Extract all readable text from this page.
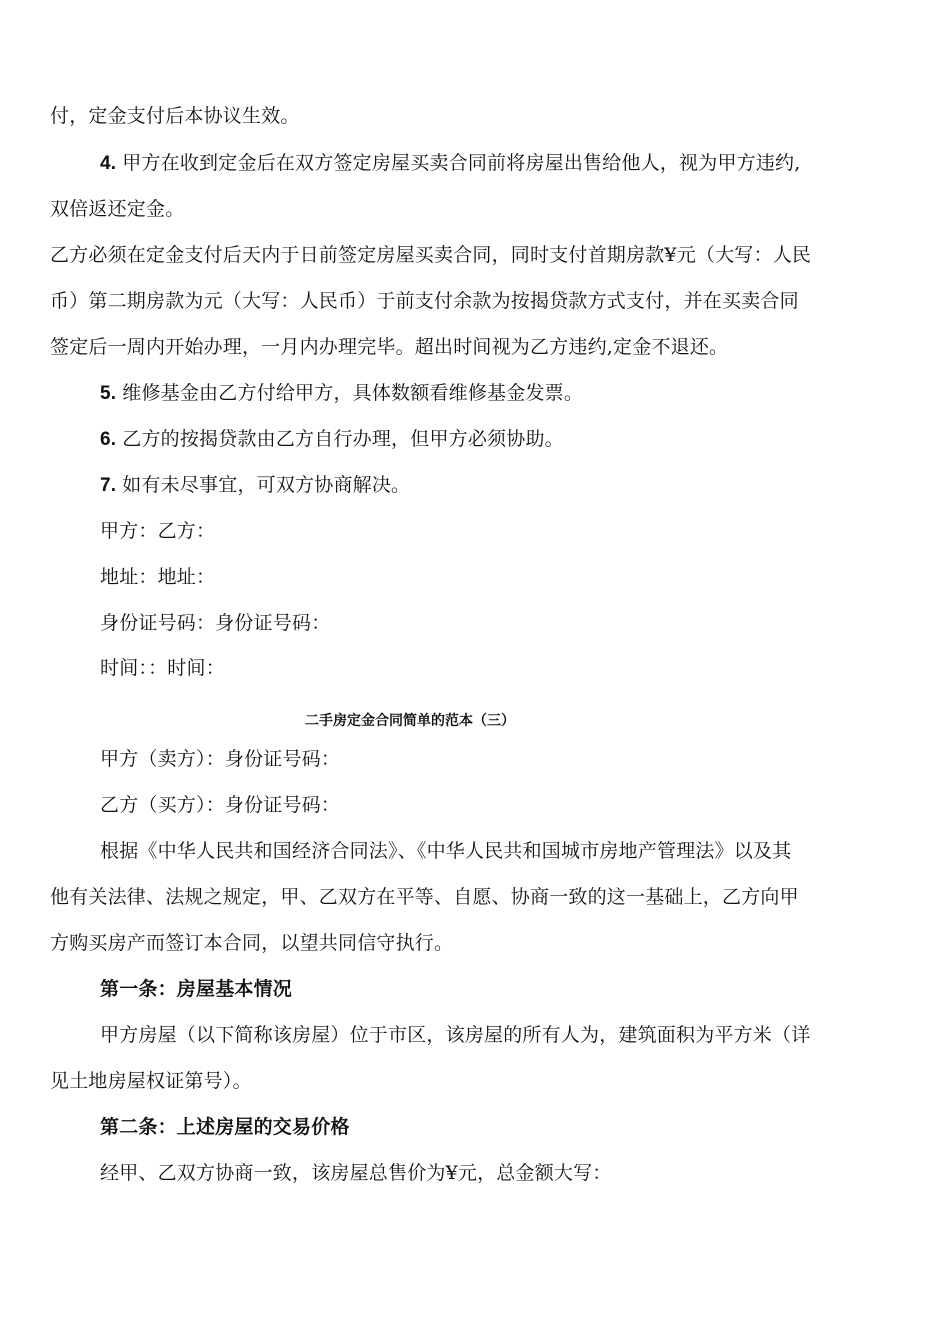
付，定金支付后本协议生效。
4. 甲方在收到定金后在双方签定房屋买卖合同前将房屋出售给他人，视为甲方违约,
双倍返还定金。
乙方必须在定金支付后天内于日前签定房屋买卖合同，同时支付首期房款¥元（大写：人民
币）第二期房款为元（大写：人民币）于前支付余款为按揭贷款方式支付，并在买卖合同
签定后一周内开始办理，一月内办理完毕。超出时间视为乙方违约,定金不退还。
5. 维修基金由乙方付给甲方，具体数额看维修基金发票。
6. 乙方的按揭贷款由乙方自行办理，但甲方必须协助。
7. 如有未尽事宜，可双方协商解决。
甲方：乙方：
地址：地址：
身份证号码：身份证号码：
时间：：时间：
二手房定金合同简单的范本（三）
甲方（卖方）：身份证号码：
乙方（买方）：身份证号码：
根据《中华人民共和国经济合同法》、《中华人民共和国城市房地产管理法》以及其
他有关法律、法规之规定，甲、乙双方在平等、自愿、协商一致的这一基础上，乙方向甲
方购买房产而签订本合同，以望共同信守执行。
第一条：房屋基本情况
甲方房屋（以下简称该房屋）位于市区，该房屋的所有人为，建筑面积为平方米（详
见土地房屋权证第号）。
第二条：上述房屋的交易价格
经甲、乙双方协商一致，该房屋总售价为¥元，总金额大写：
